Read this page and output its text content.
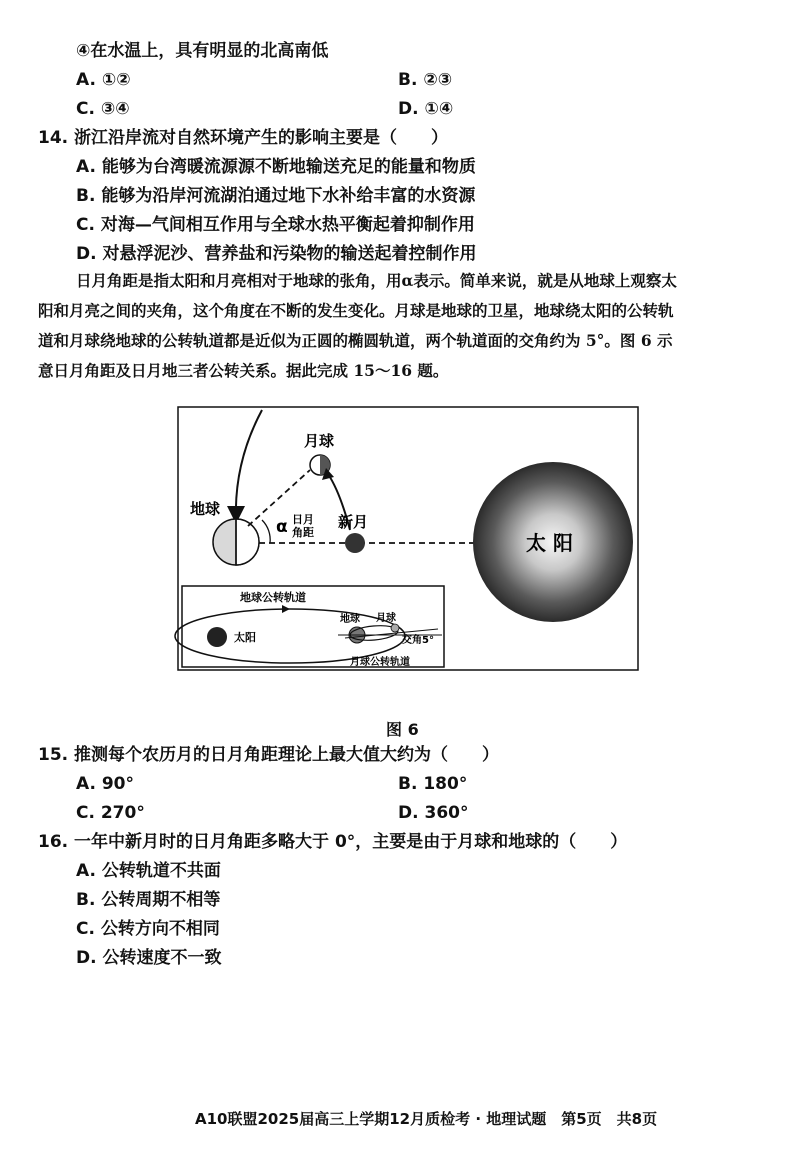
④在水温上，具有明显的北高南低
A. ①②	B. ②③
C. ③④	D. ①④
14. 浙江沿岸流对自然环境产生的影响主要是（　　）
A. 能够为台湾暖流源源不断地输送充足的能量和物质
B. 能够为沿岸河流湖泊通过地下水补给丰富的水资源
C. 对海—气间相互作用与全球水热平衡起着抑制作用
D. 对悬浮泥沙、营养盐和污染物的输送起着控制作用
日月角距是指太阳和月亮相对于地球的张角，用α表示。简单来说，就是从地球上观察太
阳和月亮之间的夹角，这个角度在不断的发生变化。月球是地球的卫星，地球绕太阳的公转轨
道和月球绕地球的公转轨道都是近似为正圆的椭圆轨道，两个轨道面的交角约为 5°。图 6 示
意日月角距及日月地三者公转关系。据此完成 15～16 题。
地球
月球
α 日月
角距
新月
太 阳
地球公转轨道
太阳
地球 月球
交角5°
月球公转轨道
图 6
15. 推测每个农历月的日月角距理论上最大值大约为（　　）
A. 90°	B. 180°
C. 270°	D. 360°
16. 一年中新月时的日月角距多略大于 0°，主要是由于月球和地球的（　　）
A. 公转轨道不共面
B. 公转周期不相等
C. 公转方向不相同
D. 公转速度不一致
A10联盟2025届高三上学期12月质检考 · 地理试题　第5页　共8页
